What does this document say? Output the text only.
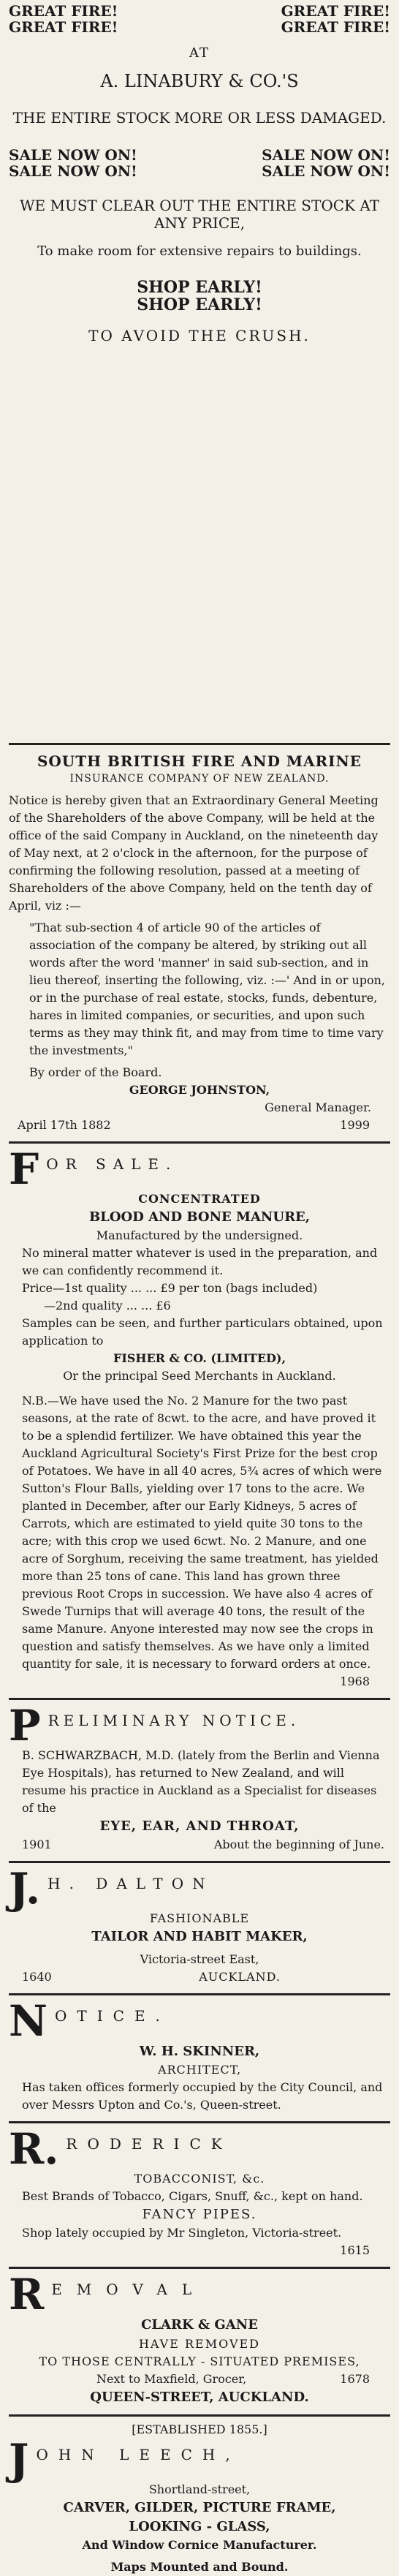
GREAT FIRE!
GREAT FIRE!
GREAT FIRE!
GREAT FIRE!
AT
A. LINABURY & CO.'S
THE ENTIRE STOCK MORE OR LESS DAMAGED.
SALE NOW ON!
SALE NOW ON!
SALE NOW ON!
SALE NOW ON!
WE MUST CLEAR OUT THE ENTIRE STOCK AT ANY PRICE,
To make room for extensive repairs to buildings.
SHOP EARLY!
SHOP EARLY!
TO AVOID THE CRUSH.
SOUTH BRITISH FIRE AND MARINE
INSURANCE COMPANY OF NEW ZEALAND.
Notice is hereby given that an Extraordinary General Meeting of the Shareholders of the above Company, will be held at the office of the said Company in Auckland, on the nineteenth day of May next, at 2 o'clock in the afternoon, for the purpose of confirming the following resolution, passed at a meeting of Shareholders of the above Company, held on the tenth day of April, viz :—
"That sub-section 4 of article 90 of the articles of association of the company be altered, by striking out all words after the word 'manner' in said sub-section, and in lieu thereof, inserting the following, viz. :—' And in or upon, or in the purchase of real estate, stocks, funds, debenture, hares in limited companies, or securities, and upon such terms as they may think fit, and may from time to time vary the investments,"
By order of the Board.
GEORGE JOHNSTON,
General Manager.
April 17th 1882	1999
F OR SALE.
CONCENTRATED
BLOOD AND BONE MANURE,
Manufactured by the undersigned.
No mineral matter whatever is used in the preparation, and we can confidently recommend it.
Price—1st quality ... ... £9 per ton (bags included)
—2nd quality ... ... £6
Samples can be seen, and further particulars obtained, upon application to
FISHER & CO. (LIMITED),
Or the principal Seed Merchants in Auckland.
N.B.—We have used the No. 2 Manure for the two past seasons, at the rate of 8cwt. to the acre, and have proved it to be a splendid fertilizer. We have obtained this year the Auckland Agricultural Society's First Prize for the best crop of Potatoes. We have in all 40 acres, 5¾ acres of which were Sutton's Flour Balls, yielding over 17 tons to the acre. We planted in December, after our Early Kidneys, 5 acres of Carrots, which are estimated to yield quite 30 tons to the acre; with this crop we used 6cwt. No. 2 Manure, and one acre of Sorghum, receiving the same treatment, has yielded more than 25 tons of cane. This land has grown three previous Root Crops in succession. We have also 4 acres of Swede Turnips that will average 40 tons, the result of the same Manure. Anyone interested may now see the crops in question and satisfy themselves. As we have only a limited quantity for sale, it is necessary to forward orders at once.
1968
P RELIMINARY NOTICE.
B. SCHWARZBACH, M.D. (lately from the Berlin and Vienna Eye Hospitals), has returned to New Zealand, and will resume his practice in Auckland as a Specialist for diseases of the
EYE, EAR, AND THROAT,
1901	About the beginning of June.
J. H. DALTON
FASHIONABLE
TAILOR AND HABIT MAKER,
Victoria-street East,
1640	AUCKLAND.
N OTICE.
W. H. SKINNER,
ARCHITECT,
Has taken offices formerly occupied by the City Council, and over Messrs Upton and Co.'s, Queen-street.
R. RODERICK
TOBACCONIST, &c.
Best Brands of Tobacco, Cigars, Snuff, &c., kept on hand.
FANCY PIPES.
Shop lately occupied by Mr Singleton, Victoria-street.
1615
R EMOVAL
CLARK & GANE
HAVE REMOVED
TO THOSE CENTRALLY - SITUATED PREMISES,
Next to Maxfield, Grocer,	1678
QUEEN-STREET, AUCKLAND.
[ESTABLISHED 1855.]
J OHN LEECH,
Shortland-street,
CARVER, GILDER, PICTURE FRAME,
LOOKING - GLASS,
And Window Cornice Manufacturer.
Maps Mounted and Bound.
